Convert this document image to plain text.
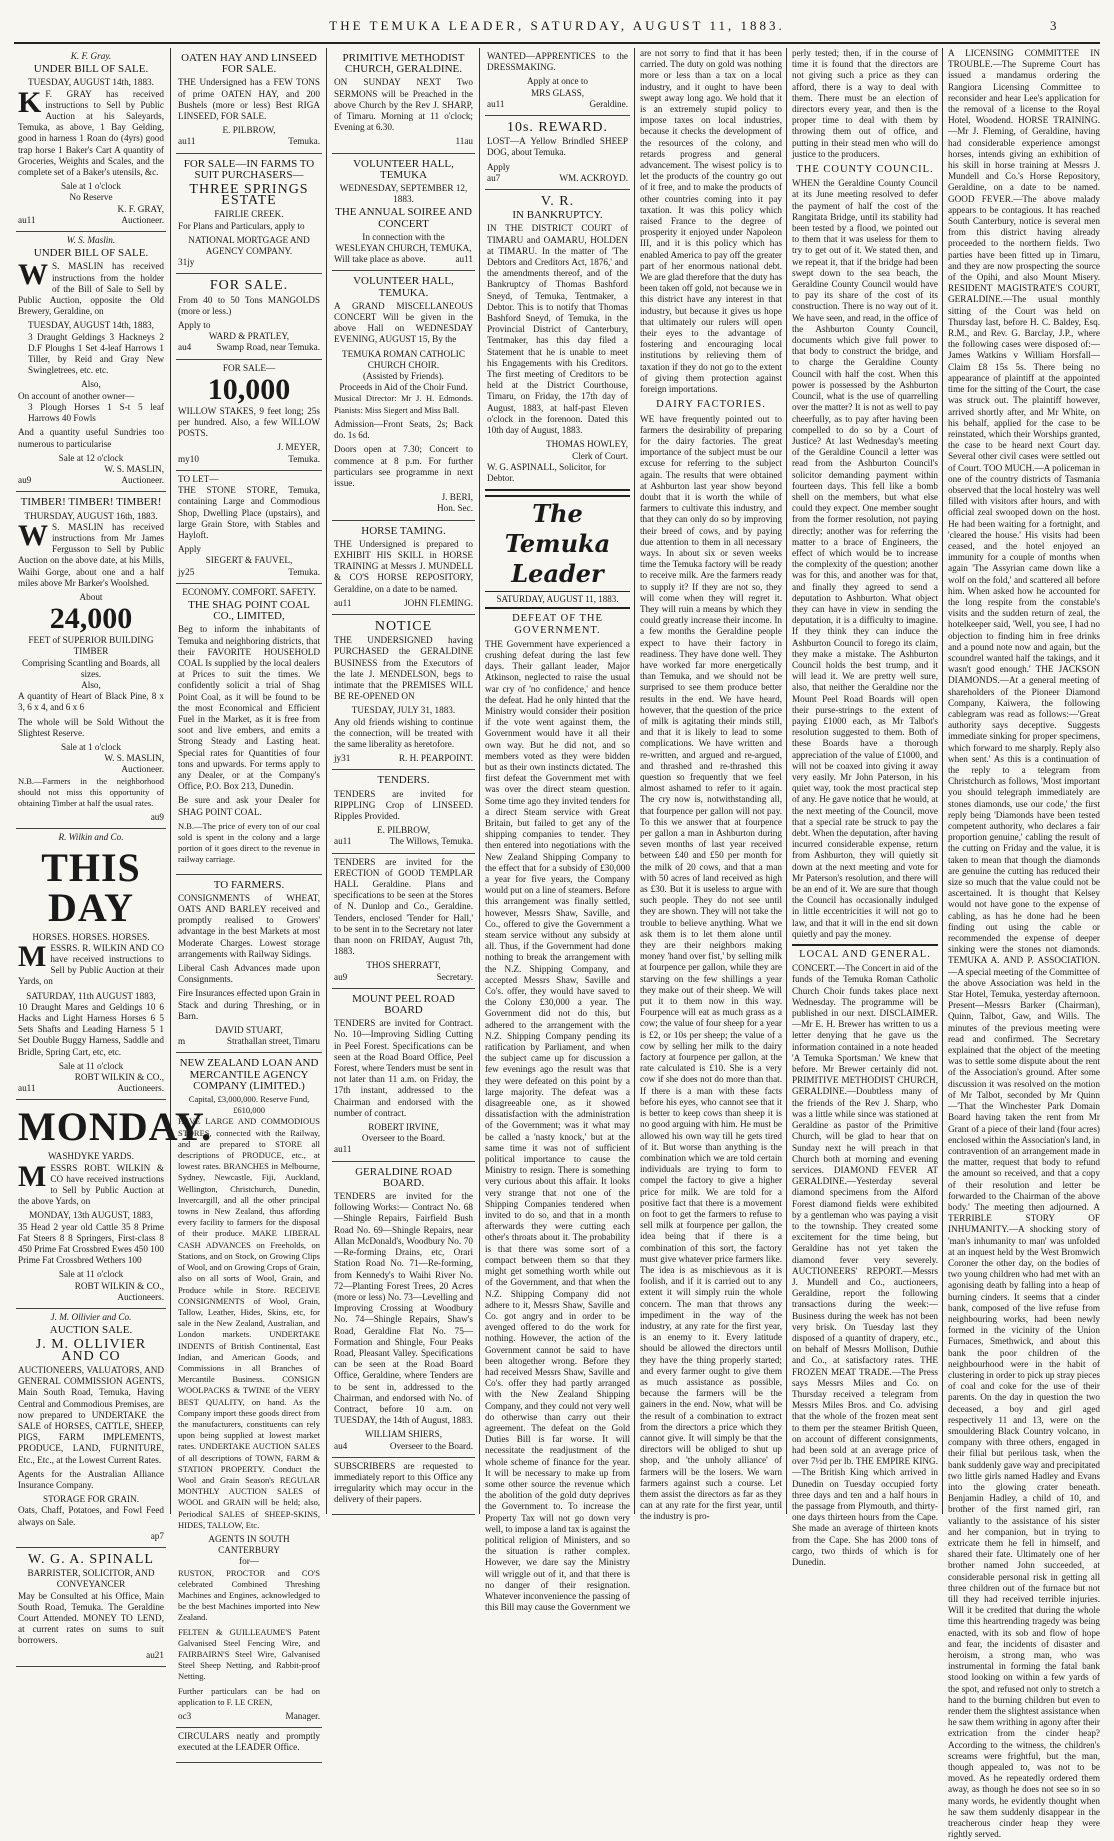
THE TEMUKA LEADER, SATURDAY, AUGUST 11, 1883.	3
K. F. Gray.
UNDER BILL OF SALE.
TUESDAY, AUGUST 14th, 1883.

K F. GRAY has received instructions to Sell by Public Auction at his Saleyards, Temuka, as above, 1 Bay Gelding, good in harness 1 Roan do (4yrs) good trap horse 1 Baker's Cart A quantity of Groceries, Weights and Scales, and the complete set of a Baker's utensils, &c.

Sale at 1 o'clock
No Reserve
K. F. GRAY,
au11	Auctioneer.
W. S. Maslin.
UNDER BILL OF SALE.

W S. MASLIN has received instructions from the holder of the Bill of Sale to Sell by Public Auction, opposite the Old Brewery, Geraldine, on

TUESDAY, AUGUST 14th, 1883,

3 Draught Geldings 3 Hackneys 2 D.F Ploughs 1 Set 4-leaf Harrows 1 Tiller, by Reid and Gray New Swingletrees, etc. etc.

Also,
On account of another owner—

3 Plough Horses 1 S-t 5 leaf Harrows 40 Fowls

And a quantity useful Sundries too numerous to particularise

Sale at 12 o'clock
W. S. MASLIN,
au9	Auctioneer.
TIMBER! TIMBER! TIMBER!
THURSDAY, AUGUST 16th, 1883.

W S. MASLIN has received instructions from Mr James Fergusson to Sell by Public Auction on the above date, at his Mills, Waihi Gorge, about one and a half miles above Mr Barker's Woolshed.

About
24,000
FEET of SUPERIOR BUILDING TIMBER
Comprising Scantling and Boards, all sizes.
Also,

A quantity of Heart of Black Pine, 8 x 3, 6 x 4, and 6 x 6

The whole will be Sold Without the Slightest Reserve.

Sale at 1 o'clock
W. S. MASLIN,
Auctioneer.

N.B.—Farmers in the neighborhood should not miss this opportunity of obtaining Timber at half the usual rates.

au9
R. Wilkin and Co.
THIS DAY
HORSES. HORSES. HORSES.

MESSRS. R. WILKIN AND CO have received instructions to Sell by Public Auction at their Yards, on

SATURDAY, 11th AUGUST 1883,

10 Draught Mares and Geldings 10 6 Hacks and Light Harness Horses 6 5 Sets Shafts and Leading Harness 5 1 Set Double Buggy Harness, Saddle and Bridle, Spring Cart, etc, etc.

Sale at 11 o'clock
ROBT WILKIN & CO.,
au11	Auctioneers.
MONDAY.
WASHDYKE YARDS.

MESSRS ROBT. WILKIN & CO have received instructions to Sell by Public Auction at the above Yards, on

MONDAY, 13th AUGUST, 1883,

35 Head 2 year old Cattle 35 8 Prime Fat Steers 8 8 Springers, First-class 8 450 Prime Fat Crossbred Ewes 450 100 Prime Fat Crossbred Wethers 100

Sale at 11 o'clock
ROBT WILKIN & CO.,
Auctioneers.
J. M. Ollivier and Co.
AUCTION SALE.
J. M. OLLIVIER AND CO

AUCTIONEERS, VALUATORS, AND GENERAL COMMISSION AGENTS, Main South Road, Temuka, Having Central and Commodious Premises, are now prepared to UNDERTAKE the SALE of HORSES, CATTLE, SHEEP, PIGS, FARM IMPLEMENTS, PRODUCE, LAND, FURNITURE, Etc., Etc., at the Lowest Current Rates.

Agents for the Australian Alliance Insurance Company.

STORAGE FOR GRAIN.

Oats, Chaff, Potatoes, and Fowl Feed always on Sale.

ap7
W. G. A. SPINALL
BARRISTER, SOLICITOR, AND CONVEYANCER

May be Consulted at his Office, Main South Road, Temuka. The Geraldine Court Attended. MONEY TO LEND, at current rates on sums to suit borrowers.

au21
OATEN HAY AND LINSEED FOR SALE.

THE Undersigned has a FEW TONS of prime OATEN HAY, and 200 Bushels (more or less) Best RIGA LINSEED, FOR SALE.

E. PILBROW,
au11	Temuka.
FOR SALE—IN FARMS TO SUIT PURCHASERS—
THREE SPRINGS ESTATE
FAIRLIE CREEK.

For Plans and Particulars, apply to

NATIONAL MORTGAGE AND AGENCY COMPANY.
31jy
FOR SALE.

From 40 to 50 Tons MANGOLDS (more or less.)

Apply to
WARD & PRATLEY,
au4	Swamp Road, near Temuka.
FOR SALE—
10,000

WILLOW STAKES, 9 feet long; 25s per hundred. Also, a few WILLOW POSTS.

J. MEYER,
my10	Temuka.
TO LET—

THE STONE STORE, Temuka, containing Large and Commodious Shop, Dwelling Place (upstairs), and large Grain Store, with Stables and Hayloft.

Apply
SIEGERT & FAUVEL,
jy25	Temuka.
ECONOMY. COMFORT. SAFETY.
THE SHAG POINT COAL CO., LIMITED,

Beg to inform the inhabitants of Temuka and neighboring districts, that their FAVORITE HOUSEHOLD COAL Is supplied by the local dealers at Prices to suit the times. We confidently solicit a trial of Shag Point Coal, as it will be found to be the most Economical and Efficient Fuel in the Market, as it is free from soot and live embers, and emits a Strong Steady and Lasting heat. Special rates for Quantities of four tons and upwards. For terms apply to any Dealer, or at the Company's Office, P.O. Box 213, Dunedin.

Be sure and ask your Dealer for SHAG POINT COAL.

N.B.—The price of every ton of our coal sold is spent in the colony and a large portion of it goes direct to the revenue in railway carriage.

TO FARMERS.

CONSIGNMENTS of WHEAT, OATS AND BARLEY received and promptly realised to Growers' advantage in the best Markets at most Moderate Charges. Lowest storage arrangements with Railway Sidings.

Liberal Cash Advances made upon Consignments.

Fire Insurances effected upon Grain in Stack and during Threshing, or in Barn.

DAVID STUART,
m	Strathallan street, Timaru
NEW ZEALAND LOAN AND MERCANTILE AGENCY COMPANY (LIMITED.)
Capital, £3,000,000. Reserve Fund, £610,000

HAVE LARGE AND COMMODIOUS STORES, connected with the Railway, and are prepared to STORE all descriptions of PRODUCE, etc., at lowest rates. BRANCHES in Melbourne, Sydney, Newcastle, Fiji, Auckland, Wellington, Christchurch, Dunedin, Invercargill, and all the other principal towns in New Zealand, thus affording every facility to farmers for the disposal of their produce. MAKE LIBERAL CASH ADVANCES on Freeholds, on Stations, and on Stock, on Growing Clips of Wool, and on Growing Crops of Grain, also on all sorts of Wool, Grain, and Produce while in Store. RECEIVE CONSIGNMENTS of Wool, Grain, Tallow, Leather, Hides, Skins, etc, for sale in the New Zealand, Australian, and London markets. UNDERTAKE INDENTS of British Continental, East Indian, and American Goods, and Commissions in all Branches of Mercantile Business. CONSIGN WOOLPACKS & TWINE of the VERY BEST QUALITY, on hand. As the Company import these goods direct from the manufacturers, constituents can rely upon being supplied at lowest market rates. UNDERTAKE AUCTION SALES of all descriptions of TOWN, FARM & STATION PROPERTY. Conduct the Wool and Grain Season's REGULAR MONTHLY AUCTION SALES of WOOL and GRAIN will be held; also, Periodical SALES of SHEEP-SKINS, HIDES, TALLOW, Etc.

AGENTS IN SOUTH CANTERBURY
for—

RUSTON, PROCTOR and CO'S celebrated Combined Threshing Machines and Engines, acknowledged to be the best Machines imported into New Zealand.

FELTEN & GUILLEAUME'S Patent Galvanised Steel Fencing Wire, and FAIRBAIRN'S Steel Wire, Galvanised Steel Sheep Netting, and Rabbit-proof Netting.

Further particulars can be had on application to F. LE CREN,

oc3	Manager.

CIRCULARS neatly and promptly executed at the LEADER Office.

PRIMITIVE METHODIST CHURCH, GERALDINE.

ON SUNDAY NEXT Two SERMONS will be Preached in the above Church by the Rev J. SHARP, of Timaru. Morning at 11 o'clock; Evening at 6.30.

11au
VOLUNTEER HALL, TEMUKA
WEDNESDAY, SEPTEMBER 12, 1883.
THE ANNUAL SOIREE AND CONCERT
In connection with the
WESLEYAN CHURCH, TEMUKA,
Will take place as above.	au11
VOLUNTEER HALL, TEMUKA.

A GRAND MISCELLANEOUS CONCERT Will be given in the above Hall on WEDNESDAY EVENING, AUGUST 15, By the

TEMUKA ROMAN CATHOLIC CHURCH CHOIR.
(Assisted by Friends).
Proceeds in Aid of the Choir Fund.

Musical Director: Mr J. H. Edmonds. Pianists: Miss Siegert and Miss Ball.

Admission—Front Seats, 2s; Back do. 1s 6d.

Doors open at 7.30; Concert to commence at 8 p.m. For further particulars see programme in next issue.

J. BERI,
Hon. Sec.
HORSE TAMING.

THE Undersigned is prepared to EXHIBIT HIS SKILL in HORSE TRAINING at Messrs J. MUNDELL & CO'S HORSE REPOSITORY, Geraldine, on a date to be named.

au11	JOHN FLEMING.
NOTICE

THE UNDERSIGNED having PURCHASED the GERALDINE BUSINESS from the Executors of the late J. MENDELSON, begs to intimate that the PREMISES WILL BE RE-OPENED ON

TUESDAY, JULY 31, 1883.

Any old friends wishing to continue the connection, will be treated with the same liberality as heretofore.

jy31	R. H. PEARPOINT.
TENDERS.

TENDERS are invited for RIPPLING Crop of LINSEED. Ripples Provided.

E. PILBROW,
au11	The Willows, Temuka.

TENDERS are invited for the ERECTION of GOOD TEMPLAR HALL Geraldine. Plans and specifications to be seen at the Stores of N. Dunlop and Co., Geraldine. Tenders, enclosed 'Tender for Hall,' to be sent in to the Secretary not later than noon on FRIDAY, August 7th, 1883.

THOS SHERRATT,
au9	Secretary.
MOUNT PEEL ROAD BOARD

TENDERS are invited for Contract. No. 10—Improving Sidling Cutting in Peel Forest. Specifications can be seen at the Road Board Office, Peel Forest, where Tenders must be sent in not later than 11 a.m. on Friday, the 17th instant, addressed to the Chairman and endorsed with the number of contract.

ROBERT IRVINE,
Overseer to the Board.
au11
GERALDINE ROAD BOARD.

TENDERS are invited for the following Works:— Contract No. 68—Shingle Repairs, Fairfield Bush Road No. 69—Shingle Repairs, near Allan McDonald's, Woodbury No. 70—Re-forming Drains, etc, Orari Station Road No. 71—Re-forming, from Kennedy's to Waihi River No. 72—Planting Forest Trees, 20 Acres (more or less) No. 73—Levelling and Improving Crossing at Woodbury No. 74—Shingle Repairs, Shaw's Road, Geraldine Flat No. 75—Formation and Shingle, Four Peaks Road, Pleasant Valley. Specifications can be seen at the Road Board Office, Geraldine, where Tenders are to be sent in, addressed to the Chairman, and endorsed with No. of Contract, before 10 a.m. on TUESDAY, the 14th of August, 1883.

WILLIAM SHIERS,
au4	Overseer to the Board.

SUBSCRIBERS are requested to immediately report to this Office any irregularity which may occur in the delivery of their papers.

WANTED—APPRENTICES to the DRESSMAKING.

Apply at once to
MRS GLASS,
au11	Geraldine.
10s. REWARD.

LOST—A Yellow Brindled SHEEP DOG, about Temuka.

Apply
au7	WM. ACKROYD.
V. R.
IN BANKRUPTCY.

IN THE DISTRICT COURT of TIMARU and OAMARU, HOLDEN at TIMARU. In the matter of 'The Debtors and Creditors Act, 1876,' and the amendments thereof, and of the Bankruptcy of Thomas Bashford Sneyd, of Temuka, Tentmaker, a Debtor. This is to notify that Thomas Bashford Sneyd, of Temuka, in the Provincial District of Canterbury, Tentmaker, has this day filed a Statement that he is unable to meet his Engagements with his Creditors. The first meeting of Creditors to be held at the District Courthouse, Timaru, on Friday, the 17th day of August, 1883, at half-past Eleven o'clock in the forenoon. Dated this 10th day of August, 1883.

THOMAS HOWLEY,
Clerk of Court.
W. G. ASPINALL, Solicitor, for Debtor.
The Temuka Leader
SATURDAY, AUGUST 11, 1883.
DEFEAT OF THE GOVERNMENT.

THE Government have experienced a crushing defeat during the last few days. Their gallant leader, Major Atkinson, neglected to raise the usual war cry of 'no confidence,' and hence the defeat. Had he only hinted that the Ministry would consider their position if the vote went against them, the Government would have it all their own way. But he did not, and so members voted as they were bidden but as their own instincts dictated. The first defeat the Government met with was over the direct steam question. Some time ago they invited tenders for a direct Steam service with Great Britain, but failed to get any of the shipping companies to tender. They then entered into negotiations with the New Zealand Shipping Company to the effect that for a subsidy of £30,000 a year for five years, the Company would put on a line of steamers. Before this arrangement was finally settled, however, Messrs Shaw, Saville, and Co., offered to give the Government a steam service without any subsidy at all. Thus, if the Government had done nothing to break the arrangement with the N.Z. Shipping Company, and accepted Messrs Shaw, Saville and Co's. offer, they would have saved to the Colony £30,000 a year. The Government did not do this, but adhered to the arrangement with the N.Z. Shipping Company pending its ratification by Parliament, and when the subject came up for discussion a few evenings ago the result was that they were defeated on this point by a large majority. The defeat was a disagreeable one, as it showed dissatisfaction with the administration of the Government; was it what may be called a 'nasty knock,' but at the same time it was not of sufficient political importance to cause the Ministry to resign. There is something very curious about this affair. It looks very strange that not one of the Shipping Companies tendered when invited to do so, and that in a month afterwards they were cutting each other's throats about it. The probability is that there was some sort of a compact between them so that they might get something worth while out of the Government, and that when the N.Z. Shipping Company did not adhere to it, Messrs Shaw, Saville and Co. got angry and in order to be avenged offered to do the work for nothing. However, the action of the Government cannot be said to have been altogether wrong. Before they had received Messrs Shaw, Saville and Co's. offer they had partly arranged with the New Zealand Shipping Company, and they could not very well do otherwise than carry out their agreement. The defeat on the Gold Duties Bill is far worse. It will necessitate the readjustment of the whole scheme of finance for the year. It will be necessary to make up from some other source the revenue which the abolition of the gold duty deprives the Government to. To increase the Property Tax will not go down very well, to impose a land tax is against the political religion of Ministers, and so the situation is rather complex. However, we dare say the Ministry will wriggle out of it, and that there is no danger of their resignation. Whatever inconvenience the passing of this Bill may cause the Government we

are not sorry to find that it has been carried. The duty on gold was nothing more or less than a tax on a local industry, and it ought to have been swept away long ago. We hold that it is an extremely stupid policy to impose taxes on local industries, because it checks the development of the resources of the colony, and retards progress and general advancement. The wisest policy is to let the products of the country go out of it free, and to make the products of other countries coming into it pay taxation. It was this policy which raised France to the degree of prosperity it enjoyed under Napoleon III, and it is this policy which has enabled America to pay off the greater part of her enormous national debt. We are glad therefore that the duty has been taken off gold, not because we in this district have any interest in that industry, but because it gives us hope that ultimately our rulers will open their eyes to the advantage of fostering and encouraging local institutions by relieving them of taxation if they do not go to the extent of giving them protection against foreign importations.

DAIRY FACTORIES.

WE have frequently pointed out to farmers the desirability of preparing for the dairy factories. The great importance of the subject must be our excuse for referring to the subject again. The results that were obtained at Ashburton last year show beyond doubt that it is worth the while of farmers to cultivate this industry, and that they can only do so by improving their breed of cows, and by paying due attention to them in all necessary ways. In about six or seven weeks time the Temuka factory will be ready to receive milk. Are the farmers ready to supply it? If they are not so, they will come when they will regret it. They will ruin a means by which they could greatly increase their income. In a few months the Geraldine people expect to have their factory in readiness. They have done well. They have worked far more energetically than Temuka, and we should not be surprised to see them produce better results in the end. We have heard, however, that the question of the price of milk is agitating their minds still, and that it is likely to lead to some complications. We have written and re-written, and argued and re-argued, and thrashed and re-thrashed this question so frequently that we feel almost ashamed to refer to it again. The cry now is, notwithstanding all, that fourpence per gallon will not pay. To this we answer that at fourpence per gallon a man in Ashburton during seven months of last year received between £40 and £50 per month for the milk of 20 cows, and that a man with 50 acres of land received as high as £30. But it is useless to argue with such people. They do not see until they are shown. They will not take the trouble to believe anything. What we ask them is to let them alone until they are their neighbors making money 'hand over fist,' by selling milk at fourpence per gallon, while they are starving on the few shillings a year they make out of their sheep. We will put it to them now in this way. Fourpence will eat as much grass as a cow; the value of four sheep for a year is £2, or 10s per sheep; the value of a cow by selling her milk to the dairy factory at fourpence per gallon, at the rate calculated is £10. She is a very cow if she does not do more than that. If there is a man with these facts before his eyes, who cannot see that it is better to keep cows than sheep it is no good arguing with him. He must be allowed his own way till he gets tired of it. But worse than anything is the combination which we are told certain individuals are trying to form to compel the factory to give a higher price for milk. We are told for a positive fact that there is a movement on foot to get the farmers to refuse to sell milk at fourpence per gallon, the idea being that if there is a combination of this sort, the factory must give whatever price farmers like. The idea is as mischievous as it is foolish, and if it is carried out to any extent it will simply ruin the whole concern. The man that throws any impediment in the way of the industry, at any rate for the first year, is an enemy to it. Every latitude should be allowed the directors until they have the thing properly started; and every farmer ought to give them as much assistance as possible, because the farmers will be the gainers in the end. Now, what will be the result of a combination to extract from the directors a price which they cannot give. It will simply be that the directors will be obliged to shut up shop, and 'the unholy alliance' of farmers will be the losers. We warn farmers against such a course. Let them assist the directors as far as they can at any rate for the first year, until the industry is pro-

perly tested; then, if in the course of time it is found that the directors are not giving such a price as they can afford, there is a way to deal with them. There must be an election of directors every year, and then is the proper time to deal with them by throwing them out of office, and putting in their stead men who will do justice to the producers.

THE COUNTY COUNCIL.

WHEN the Geraldine County Council at its June meeting resolved to defer the payment of half the cost of the Rangitata Bridge, until its stability had been tested by a flood, we pointed out to them that it was useless for them to try to get out of it. We stated then, and we repeat it, that if the bridge had been swept down to the sea beach, the Geraldine County Council would have to pay its share of the cost of its construction. There is no way out of it. We have seen, and read, in the office of the Ashburton County Council, documents which give full power to that body to construct the bridge, and to charge the Geraldine County Council with half the cost. When this power is possessed by the Ashburton Council, what is the use of quarrelling over the matter? It is not as well to pay cheerfully, as to pay after having been compelled to do so by a Court of Justice? At last Wednesday's meeting of the Geraldine Council a letter was read from the Ashburton Council's solicitor demanding payment within fourteen days. This fell like a bomb shell on the members, but what else could they expect. One member sought from the former resolution, not paying directly; another was for referring the matter to a brace of Engineers, the effect of which would be to increase the complexity of the question; another was for this, and another was for that, and finally they agreed to send a deputation to Ashburton. What object they can have in view in sending the deputation, it is a difficulty to imagine. If they think they can induce the Ashburton Council to forego its claim, they make a mistake. The Ashburton Council holds the best trump, and it will lead it. We are pretty well sure, also, that neither the Geraldine nor the Mount Peel Road Boards will open their purse-strings to the extent of paying £1000 each, as Mr Talbot's resolution suggested to them. Both of these Boards have a thorough appreciation of the value of £1000, and will not be coaxed into giving it away very easily. Mr John Paterson, in his quiet way, took the most practical step of any. He gave notice that he would, at the next meeting of the Council, move that a special rate be struck to pay the debt. When the deputation, after having incurred considerable expense, return from Ashburton, they will quietly sit down at the next meeting and vote for Mr Paterson's resolution, and there will be an end of it. We are sure that though the Council has occasionally indulged in little eccentricities it will not go to law, and that it will in the end sit down quietly and pay the money.

LOCAL AND GENERAL.

CONCERT.—The Concert in aid of the funds of the Temuka Roman Catholic Church Choir funds takes place next Wednesday. The programme will be published in our next. DISCLAIMER.—Mr E. H. Brewer has written to us a letter denying that he gave us the information contained in a note headed 'A Temuka Sportsman.' We knew that before. Mr Brewer certainly did not. PRIMITIVE METHODIST CHURCH, GERALDINE.—Doubtless many of the friends of the Rev J. Sharp, who was a little while since was stationed at Geraldine as pastor of the Primitive Church, will be glad to hear that on Sunday next he will preach in that Church both at morning and evening services. DIAMOND FEVER AT GERALDINE.—Yesterday several diamond specimens from the Alford Forest diamond fields were exhibited by a gentleman who was paying a visit to the township. They created some excitement for the time being, but Geraldine has not yet taken the diamond fever very severely. AUCTIONEERS' REPORT.—Messrs J. Mundell and Co., auctioneers, Geraldine, report the following transactions during the week:—Business during the week has not been very brisk. On Tuesday last they disposed of a quantity of drapery, etc., on behalf of Messrs Mollison, Duthie and Co., at satisfactory rates. THE FROZEN MEAT TRADE.—The Press says Messrs Miles and Co. on Thursday received a telegram from Messrs Miles Bros. and Co. advising that the whole of the frozen meat sent to them per the steamer British Queen, on account of different consignments, had been sold at an average price of over 7½d per lb. THE EMPIRE KING.—The British King which arrived in Dunedin on Tuesday occupied forty three days and ten and a half hours in the passage from Plymouth, and thirty-one days thirteen hours from the Cape. She made an average of thirteen knots from the Cape. She has 2000 tons of cargo, two thirds of which is for Dunedin.

A LICENSING COMMITTEE IN TROUBLE.—The Supreme Court has issued a mandamus ordering the Rangiora Licensing Committee to reconsider and hear Lee's application for the removal of a license to the Royal Hotel, Woodend. HORSE TRAINING.—Mr J. Fleming, of Geraldine, having had considerable experience amongst horses, intends giving an exhibition of his skill in horse training at Messrs J. Mundell and Co.'s Horse Repository, Geraldine, on a date to be named. GOOD FEVER.—The above malady appears to be contagious. It has reached South Canterbury, notice is several men from this district having already proceeded to the northern fields. Two parties have been fitted up in Timaru, and they are now prospecting the source of the Opihi, and also Mount Misery. RESIDENT MAGISTRATE'S COURT, GERALDINE.—The usual monthly sitting of the Court was held on Thursday last, before H. C. Baldey, Esq. R.M., and Rev. G. Barclay, J.P., where the following cases were disposed of:—James Watkins v William Horsfall—Claim £8 15s 5s. There being no appearance of plaintiff at the appointed time for the sitting of the Court, the case was struck out. The plaintiff however, arrived shortly after, and Mr White, on his behalf, applied for the case to be reinstated, which their Worships granted, the case to be heard next Court day. Several other civil cases were settled out of Court. TOO MUCH.—A policeman in one of the country districts of Tasmania observed that the local hostelry was well filled with visitors after hours, and with official zeal swooped down on the host. He had been waiting for a fortnight, and 'cleared the house.' His visits had been ceased, and the hotel enjoyed an immunity for a couple of months when again 'The Assyrian came down like a wolf on the fold,' and scattered all before him. When asked how he accounted for the long respite from the constable's visits and the sudden return of zeal, the hotelkeeper said, 'Well, you see, I had no objection to finding him in free drinks and a pound note now and again, but the scoundrel wanted half the takings, and it wasn't good enough.' THE JACKSON DIAMONDS.—At a general meeting of shareholders of the Pioneer Diamond Company, Kaiwera, the following cablegram was read as follows:—'Great authority says deceptive. Suggests immediate sinking for proper specimens, which forward to me sharply. Reply also when sent.' As this is a continuation of the reply to a telegram from Christchurch as follows, 'Most important you should telegraph immediately are stones diamonds, use our code,' the first reply being 'Diamonds have been tested competent authority, who declares a fair proportion genuine,' cabling the result of the cutting on Friday and the value, it is taken to mean that though the diamonds are genuine the cutting has reduced their size so much that the value could not be ascertained. It is thought that Kelsey would not have gone to the expense of cabling, as has he done had he been finding out using the cable or recommended the expense of deeper sinking were the stones not diamonds. TEMUKA A. AND P. ASSOCIATION.—A special meeting of the Committee of the above Association was held in the Star Hotel, Temuka, yesterday afternoon. Present—Messrs Barker (Chairman), Quinn, Talbot, Gaw, and Wills. The minutes of the previous meeting were read and confirmed. The Secretary explained that the object of the meeting was to settle some dispute about the rent of the Association's ground. After some discussion it was resolved on the motion of Mr Talbot, seconded by Mr Quinn—'That the Winchester Park Domain Board having taken the rent from Mr Grant of a piece of their land (four acres) enclosed within the Association's land, in contravention of an arrangement made in the matter, request that body to refund the amount so received, and that a copy of their resolution and letter be forwarded to the Chairman of the above body.' The meeting then adjourned. A TERRIBLE STORY OF INHUMANITY.—A shocking story of 'man's inhumanity to man' was unfolded at an inquest held by the West Bromwich Coroner the other day, on the bodies of two young children who had met with an agonising death by falling into a heap of burning cinders. It seems that a cinder bank, composed of the live refuse from neighbouring works, had been newly formed in the vicinity of the Union Furnaces, Smethwick, and about this bank the poor children of the neighbourhood were in the habit of clustering in order to pick up stray pieces of coal and coke for the use of their parents. On the day in question the two deceased, a boy and girl aged respectively 11 and 13, were on the smouldering Black Country volcano, in company with three others, engaged in their filial but perilous task, when the bank suddenly gave way and precipitated two little girls named Hadley and Evans into the glowing crater beneath. Benjamin Hadley, a child of 10, and brother of the first named girl, ran valiantly to the assistance of his sister and her companion, but in trying to extricate them he fell in himself, and shared their fate. Ultimately one of her brother named John succeeded, at considerable personal risk in getting all three children out of the furnace but not till they had received terrible injuries. Will it be credited that during the whole time this heartrending tragedy was being enacted, with its sob and flow of hope and fear, the incidents of disaster and heroism, a strong man, who was instrumental in forming the fatal bank stood looking on within a few yards of the spot, and refused not only to stretch a hand to the burning children but even to render them the slightest assistance when he saw them writhing in agony after their extrication from the cinder heap? According to the witness, the children's screams were frightful, but the man, though appealed to, was not to be moved. As he repeatedly ordered them away, as though he does not see so in so many words, he evidently thought when he saw them suddenly disappear in the treacherous cinder heap they were rightly served.
